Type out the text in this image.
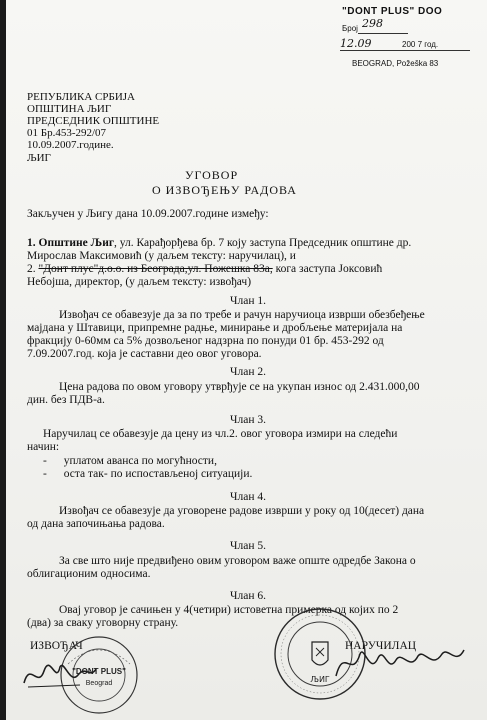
"DONT PLUS" DOO
Број 298
12.09	200 7 год.
BEOGRAD, Požeška 83
РЕПУБЛИКА СРБИЈА
ОПШТИНА ЉИГ
ПРЕДСЕДНИК ОПШТИНЕ
01 Бр.453-292/07
10.09.2007.године.
ЉИГ
УГОВОР
О ИЗВОЂЕЊУ РАДОВА
Закључен у Љигу дана 10.09.2007.године између:
1. Општине Љиг, ул. Карађорђева бр. 7 коју заступа Председник општине др.
Мирослав Максимовић (у даљем тексту: наручилац), и
2. "Донт плус"д.о.о. из Београда,ул. Пожешка 83а, кога заступа Јоксовић
Небојша, директор, (у даљем тексту: извођач)
Члан 1.
Извођач се обавезује да за по требе и рачун наручиоца изврши обезбеђење
мајдана у Штавици, припремне радње, минирање и дробљење материјала на
фракцију 0-60мм са 5% дозвољеног надзрна по понуди 01 бр. 453-292 од
7.09.2007.год. која је саставни део овог уговора.
Члан 2.
Цена радова по овом уговору утврђује се на укупан износ од 2.431.000,00
дин. без ПДВ-а.
Члан 3.
Наручилац се обавезује да цену из чл.2. овог уговора измири на следећи
начин:
- уплатом аванса по могућности,
- оста так- по испостављеној ситуацији.
Члан 4.
Извођач се обавезује да уговорене радове изврши у року од 10(десет) дана
од дана започињања радова.
Члан 5.
За све што није предвиђено овим уговором важе опште одредбе Закона о
облигационим односима.
Члан 6.
Овај уговор је сачињен у 4(четири) истоветна примерка од којих по 2
(два) за сваку уговорну страну.
ИЗВОЂАЧ	НАРУЧИЛАЦ
"DONT PLUS"
Beograd	ЉИГ
